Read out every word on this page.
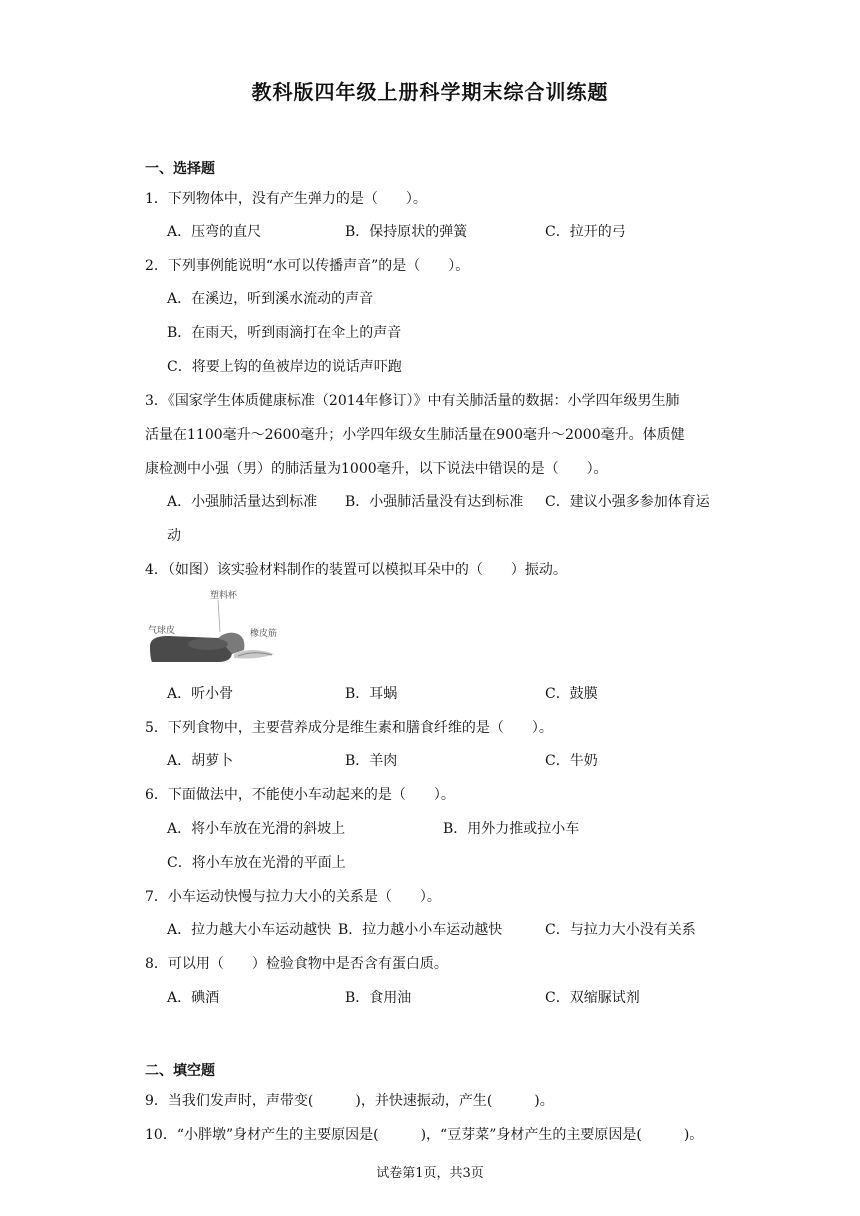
教科版四年级上册科学期末综合训练题
一、选择题
1．下列物体中，没有产生弹力的是（　　）。
A．压弯的直尺	B．保持原状的弹簧	C．拉开的弓
2．下列事例能说明“水可以传播声音”的是（　　）。
A．在溪边，听到溪水流动的声音
B．在雨天，听到雨滴打在伞上的声音
C．将要上钩的鱼被岸边的说话声吓跑
3．《国家学生体质健康标准（2014年修订）》中有关肺活量的数据：小学四年级男生肺
活量在1100毫升～2600毫升；小学四年级女生肺活量在900毫升～2000毫升。体质健
康检测中小强（男）的肺活量为1000毫升，以下说法中错误的是（　　）。
A．小强肺活量达到标准 B．小强肺活量没有达到标准 C．建议小强多参加体育运
动
4．（如图）该实验材料制作的装置可以模拟耳朵中的（　　）振动。
塑料杯
气球皮	橡皮筋
A．听小骨	B．耳蜗	C．鼓膜
5．下列食物中，主要营养成分是维生素和膳食纤维的是（　　）。
A．胡萝卜	B．羊肉	C．牛奶
6．下面做法中，不能使小车动起来的是（　　）。
A．将小车放在光滑的斜坡上	B．用外力推或拉小车
C．将小车放在光滑的平面上
7．小车运动快慢与拉力大小的关系是（　　）。
A．拉力越大小车运动越快 B．拉力越小小车运动越快	C．与拉力大小没有关系
8．可以用（　　）检验食物中是否含有蛋白质。
A．碘酒	B．食用油	C．双缩脲试剂
二、填空题
9．当我们发声时，声带变(　　　)，并快速振动，产生(　　　)。
10．“小胖墩”身材产生的主要原因是(　　　)，“豆芽菜”身材产生的主要原因是(　　　)。
试卷第1页，共3页
